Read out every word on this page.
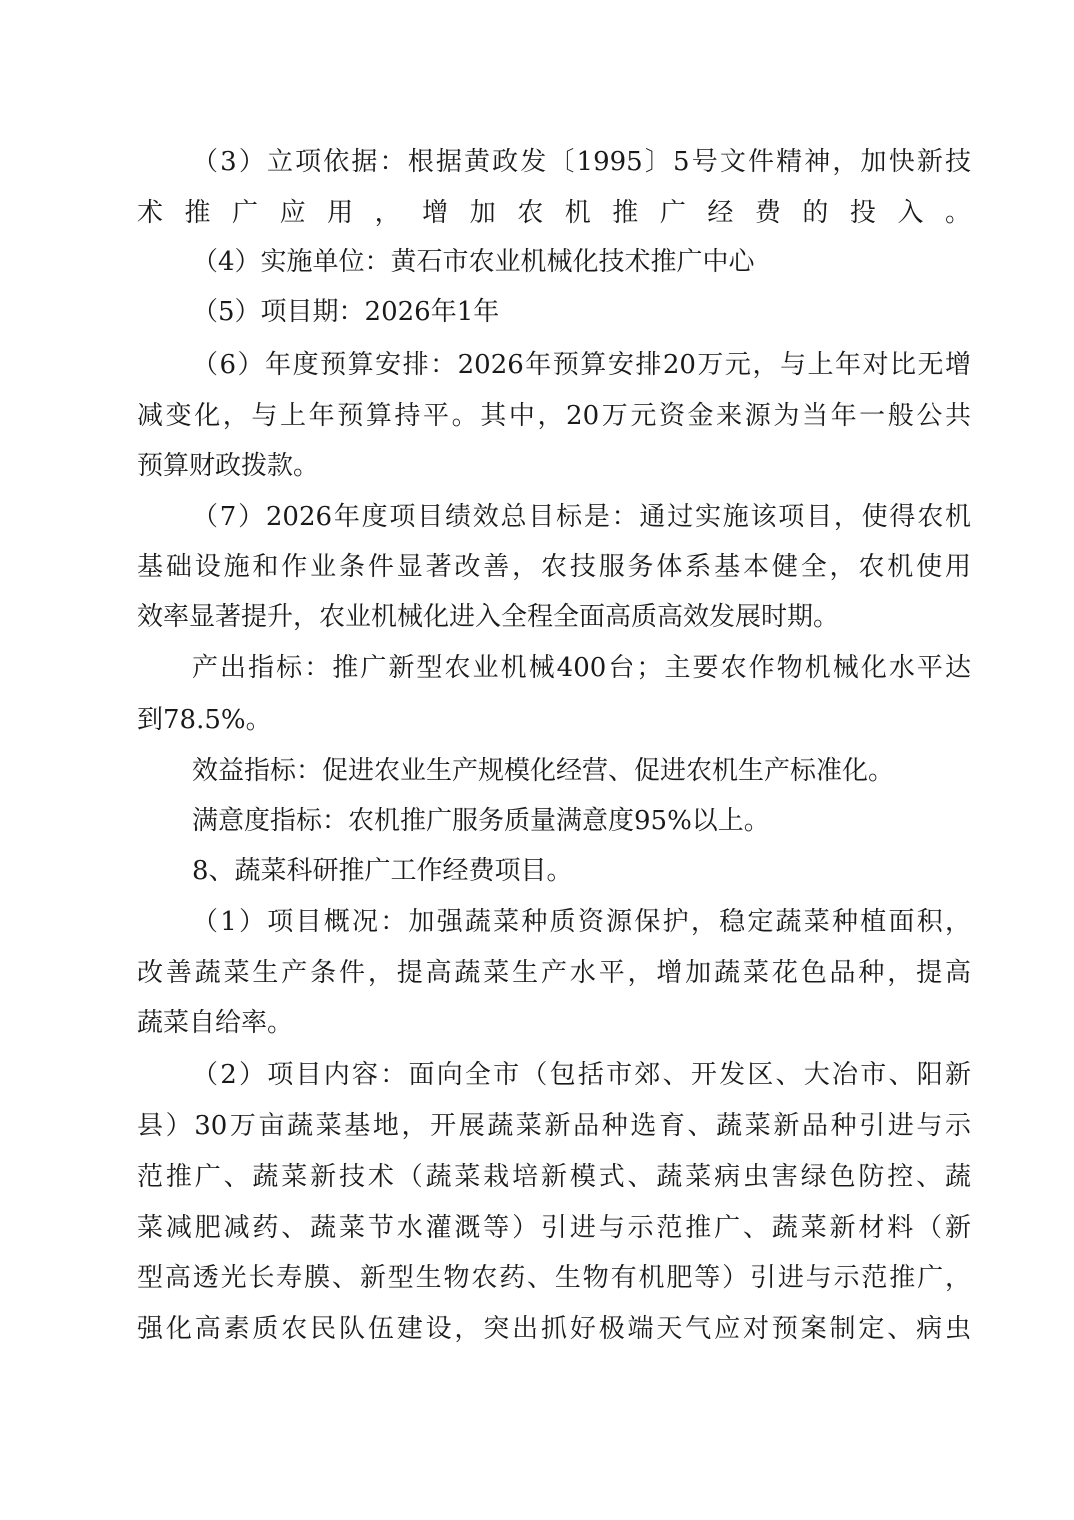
（3）立项依据：根据黄政发〔1995〕5号文件精神，加快新技
术推广应用，增加农机推广经费的投入。
（4）实施单位：黄石市农业机械化技术推广中心
（5）项目期：2026年1年
（6）年度预算安排：2026年预算安排20万元，与上年对比无增
减变化，与上年预算持平。其中，20万元资金来源为当年一般公共
预算财政拨款。
（7）2026年度项目绩效总目标是：通过实施该项目，使得农机
基础设施和作业条件显著改善，农技服务体系基本健全，农机使用
效率显著提升，农业机械化进入全程全面高质高效发展时期。
产出指标：推广新型农业机械400台；主要农作物机械化水平达
到78.5%。
效益指标：促进农业生产规模化经营、促进农机生产标准化。
满意度指标：农机推广服务质量满意度95%以上。
8、蔬菜科研推广工作经费项目。
（1）项目概况：加强蔬菜种质资源保护，稳定蔬菜种植面积，
改善蔬菜生产条件，提高蔬菜生产水平，增加蔬菜花色品种，提高
蔬菜自给率。
（2）项目内容：面向全市（包括市郊、开发区、大冶市、阳新
县）30万亩蔬菜基地，开展蔬菜新品种选育、蔬菜新品种引进与示
范推广、蔬菜新技术（蔬菜栽培新模式、蔬菜病虫害绿色防控、蔬
菜减肥减药、蔬菜节水灌溉等）引进与示范推广、蔬菜新材料（新
型高透光长寿膜、新型生物农药、生物有机肥等）引进与示范推广，
强化高素质农民队伍建设，突出抓好极端天气应对预案制定、病虫
